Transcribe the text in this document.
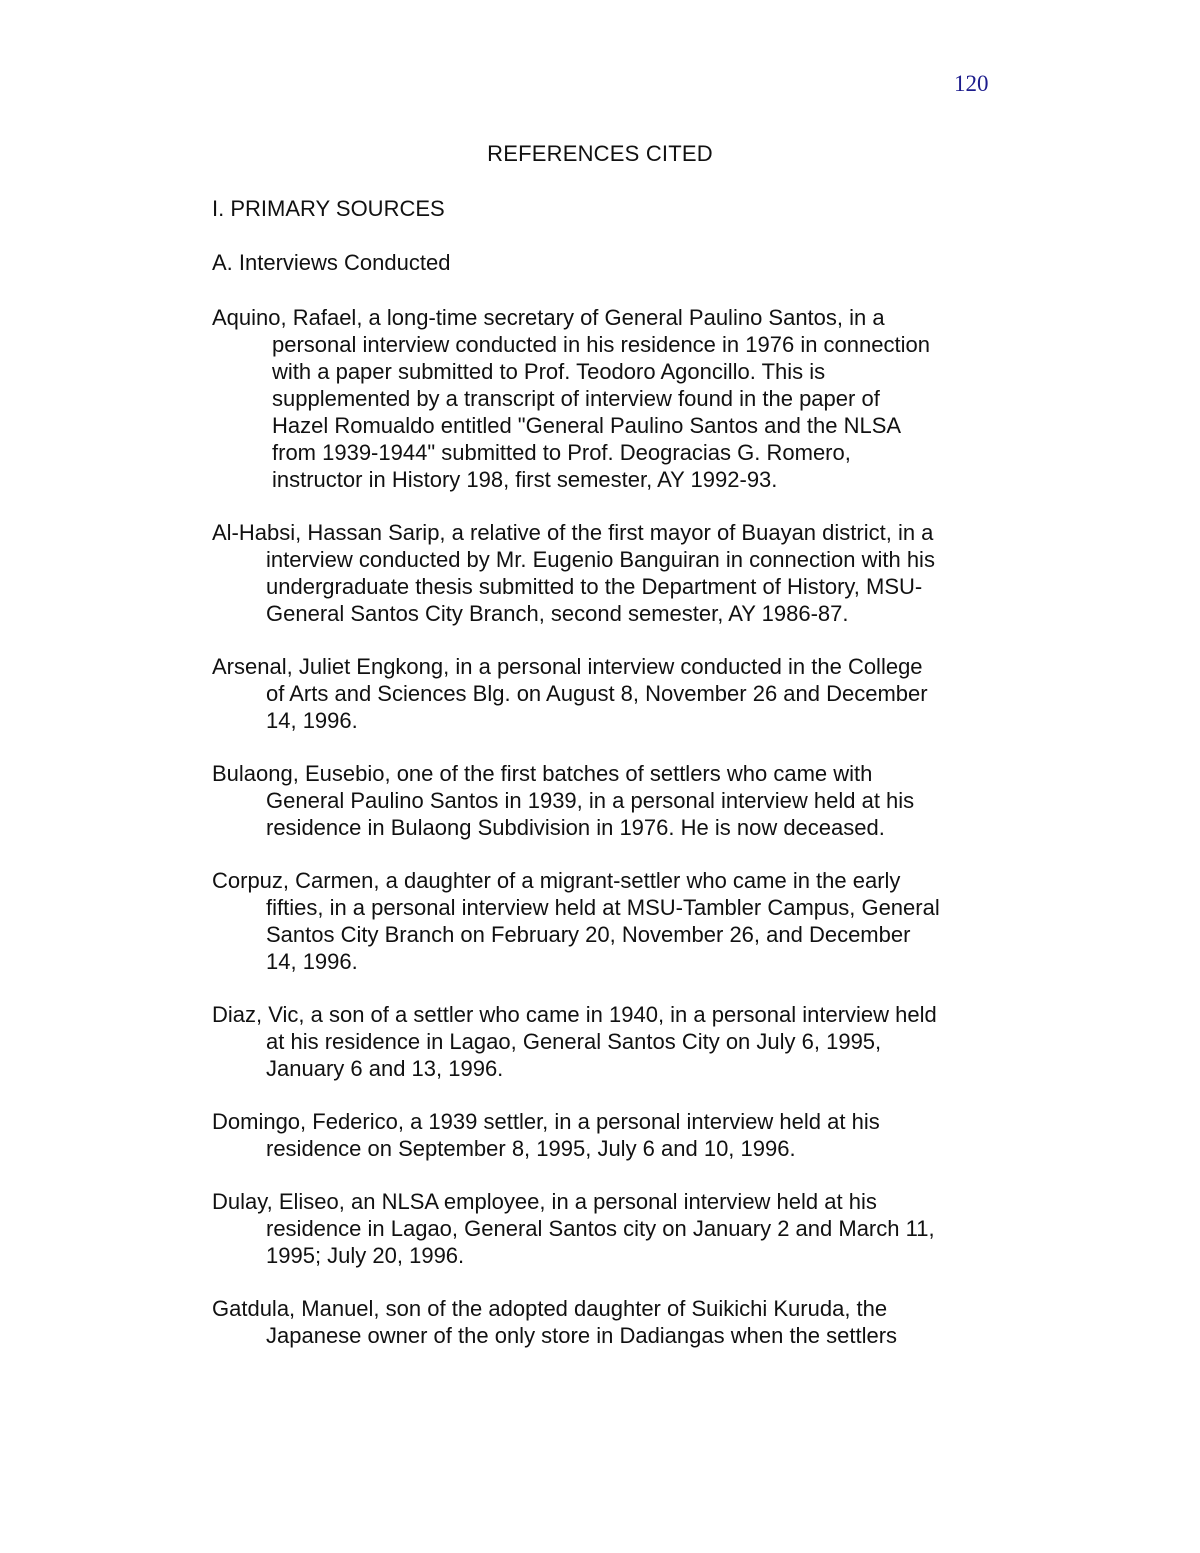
120
REFERENCES CITED
I. PRIMARY SOURCES
A. Interviews Conducted
Aquino, Rafael, a long-time secretary of General Paulino Santos, in a
personal interview conducted in his residence in 1976 in connection
with a paper submitted to Prof. Teodoro Agoncillo. This is
supplemented by a transcript of interview found in the paper of
Hazel Romualdo entitled "General Paulino Santos and the NLSA
from 1939-1944" submitted to Prof. Deogracias G. Romero,
instructor in History 198, first semester, AY 1992-93.
Al-Habsi, Hassan Sarip, a relative of the first mayor of Buayan district, in a
interview conducted by Mr. Eugenio Banguiran in connection with his
undergraduate thesis submitted to the Department of History, MSU-
General Santos City Branch, second semester, AY 1986-87.
Arsenal, Juliet Engkong, in a personal interview conducted in the College
of Arts and Sciences Blg. on August 8, November 26 and December
14, 1996.
Bulaong, Eusebio, one of the first batches of settlers who came with
General Paulino Santos in 1939, in a personal interview held at his
residence in Bulaong Subdivision in 1976. He is now deceased.
Corpuz, Carmen, a daughter of a migrant-settler who came in the early
fifties, in a personal interview held at MSU-Tambler Campus, General
Santos City Branch on February 20, November 26, and December
14, 1996.
Diaz, Vic, a son of a settler who came in 1940, in a personal interview held
at his residence in Lagao, General Santos City on July 6, 1995,
January 6 and 13, 1996.
Domingo, Federico, a 1939 settler, in a personal interview held at his
residence on September 8, 1995, July 6 and 10, 1996.
Dulay, Eliseo, an NLSA employee, in a personal interview held at his
residence in Lagao, General Santos city on January 2 and March 11,
1995; July 20, 1996.
Gatdula, Manuel, son of the adopted daughter of Suikichi Kuruda, the
Japanese owner of the only store in Dadiangas when the settlers
